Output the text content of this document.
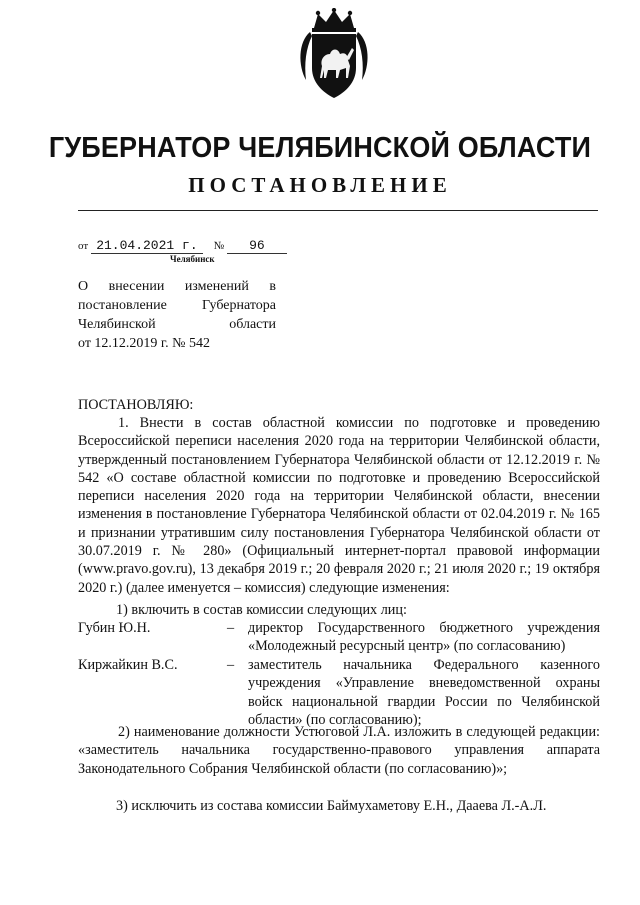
ГУБЕРНАТОР ЧЕЛЯБИНСКОЙ ОБЛАСТИ
ПОСТАНОВЛЕНИЕ
от 21.04.2021 г. № 96
Челябинск
О внесении изменений в
постановление Губернатора
Челябинской области
от 12.12.2019 г. № 542
ПОСТАНОВЛЯЮ:
1. Внести в состав областной комиссии по подготовке и проведению Всероссийской переписи населения 2020 года на территории Челябинской области, утвержденный постановлением Губернатора Челябинской области от 12.12.2019 г. № 542 «О составе областной комиссии по подготовке и проведению Всероссийской переписи населения 2020 года на территории Челябинской области, внесении изменения в постановление Губернатора Челябинской области от 02.04.2019 г. № 165 и признании утратившим силу постановления Губернатора Челябинской области от 30.07.2019 г. № 280» (Официальный интернет-портал правовой информации (www.pravo.gov.ru), 13 декабря 2019 г.; 20 февраля 2020 г.; 21 июля 2020 г.; 19 октября 2020 г.) (далее именуется – комиссия) следующие изменения:
1) включить в состав комиссии следующих лиц:
Губин Ю.Н.	– директор Государственного бюджетного учреждения «Молодежный ресурсный центр» (по согласованию)
Киржайкин В.С.	– заместитель начальника Федерального казенного учреждения «Управление вневедомственной охраны войск национальной гвардии России по Челябинской области» (по согласованию);
2) наименование должности Устюговой Л.А. изложить в следующей редакции: «заместитель начальника государственно-правового управления аппарата Законодательного Собрания Челябинской области (по согласованию)»;
3) исключить из состава комиссии Баймухаметову Е.Н., Дааева Л.-А.Л.
